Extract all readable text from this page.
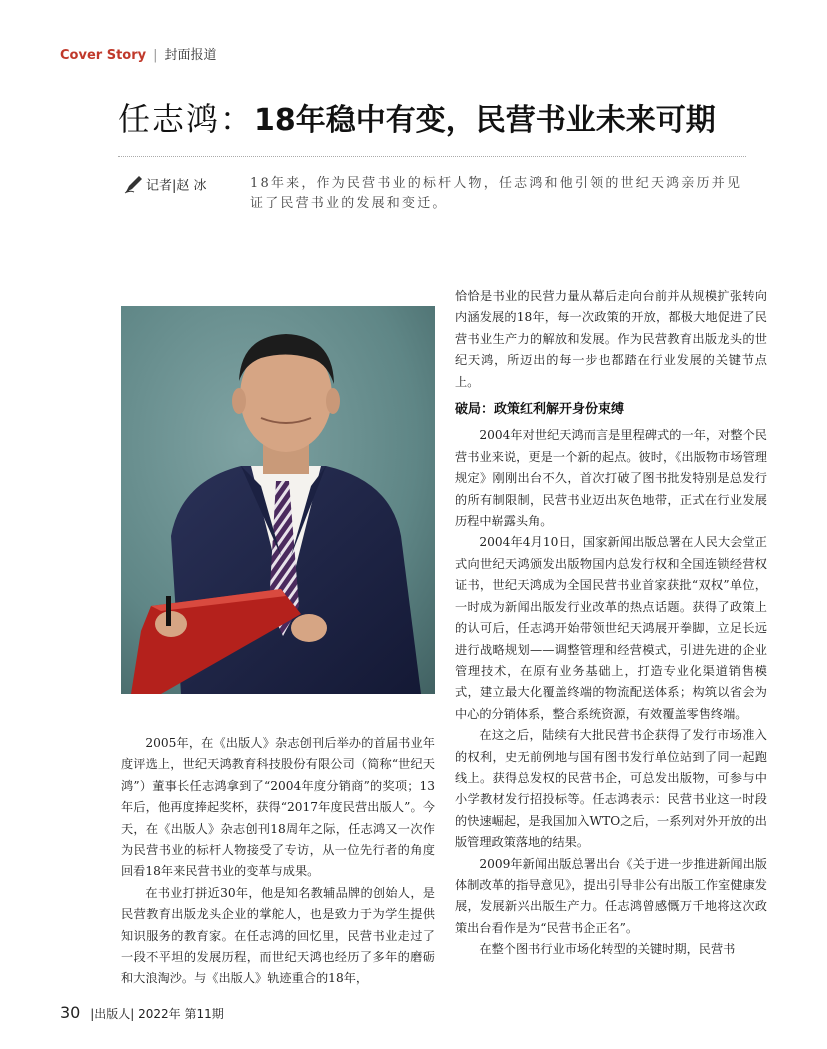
Cover Story | 封面报道
任志鸿：18年稳中有变，民营书业未来可期
记者|赵 冰	18年来，作为民营书业的标杆人物，任志鸿和他引领的世纪天鸿亲历并见证了民营书业的发展和变迁。

2005年，在《出版人》杂志创刊后举办的首届书业年度评选上，世纪天鸿教育科技股份有限公司（简称“世纪天鸿”）董事长任志鸿拿到了“2004年度分销商”的奖项；13年后，他再度捧起奖杯，获得“2017年度民营出版人”。今天，在《出版人》杂志创刊18周年之际，任志鸿又一次作为民营书业的标杆人物接受了专访，从一位先行者的角度回看18年来民营书业的变革与成果。

在书业打拼近30年，他是知名教辅品牌的创始人，是民营教育出版龙头企业的掌舵人，也是致力于为学生提供知识服务的教育家。在任志鸿的回忆里，民营书业走过了一段不平坦的发展历程，而世纪天鸿也经历了多年的磨砺和大浪淘沙。与《出版人》轨迹重合的18年，

恰恰是书业的民营力量从幕后走向台前并从规模扩张转向内涵发展的18年，每一次政策的开放，都极大地促进了民营书业生产力的解放和发展。作为民营教育出版龙头的世纪天鸿，所迈出的每一步也都踏在行业发展的关键节点上。

破局：政策红利解开身份束缚

2004年对世纪天鸿而言是里程碑式的一年，对整个民营书业来说，更是一个新的起点。彼时，《出版物市场管理规定》刚刚出台不久，首次打破了图书批发特别是总发行的所有制限制，民营书业迈出灰色地带，正式在行业发展历程中崭露头角。

2004年4月10日，国家新闻出版总署在人民大会堂正式向世纪天鸿颁发出版物国内总发行权和全国连锁经营权证书，世纪天鸿成为全国民营书业首家获批“双权”单位，一时成为新闻出版发行业改革的热点话题。获得了政策上的认可后，任志鸿开始带领世纪天鸿展开拳脚，立足长远进行战略规划——调整管理和经营模式，引进先进的企业管理技术，在原有业务基础上，打造专业化渠道销售模式，建立最大化覆盖终端的物流配送体系；构筑以省会为中心的分销体系，整合系统资源，有效覆盖零售终端。

在这之后，陆续有大批民营书企获得了发行市场准入的权利，史无前例地与国有图书发行单位站到了同一起跑线上。获得总发权的民营书企，可总发出版物，可参与中小学教材发行招投标等。任志鸿表示：民营书业这一时段的快速崛起，是我国加入WTO之后，一系列对外开放的出版管理政策落地的结果。

2009年新闻出版总署出台《关于进一步推进新闻出版体制改革的指导意见》，提出引导非公有出版工作室健康发展，发展新兴出版生产力。任志鸿曾感慨万千地将这次政策出台看作是为“民营书企正名”。

在整个图书行业市场化转型的关键时期，民营书

30 |出版人| 2022年 第11期
